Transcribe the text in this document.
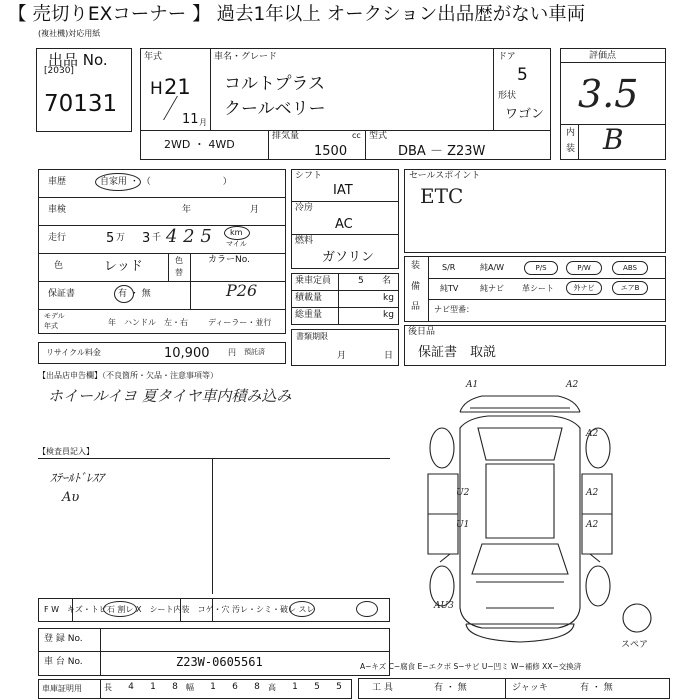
【 売切りEXコーナー 】 過去1年以上 オークション出品歴がない車両
(複社機)対応用紙
出品 No.
[2030]
70131
年式
H 21
11 月
車名・グレード
コルトプラス
クールベリー
ドア
5
形状
ワゴン
2WD ・ 4WD
排気量	cc
1500
型式
DBA － Z23W
評価点
3.5
内
装 B
車歴	自家用 ・ （　　　　　　　　）
車検	年	月
走行	5 万 3 千 4 2 5 km
マイル
色	レッド	色
替
カラーNo.
P26
保証書	有 ・ 無
モデル
年式	年 ハンドル　左・右	ディーラー・並行
シフト
IAT
冷房
AC
燃料
ガソリン
乗車定員	5 名
積載量	kg
総重量	kg
セールスポイント
ETC
装
備
品
S/R	純A/W	P/S	P/W	ABS
純TV	純ナビ 革シート	外ナビ	エアB
ナビ型番：
リサイクル料金	10,900 円 預託済
書類期限
月	日
後日品
保証書　取説
【出品店申告欄】（不良箇所・欠品・注意事項等）
ホイールイヨ 夏タイヤ車内積み込み
【検査員記入】
ｽﾃｰﾙﾄﾞﾚｽｱ
Aυ
A1	A2
A2
U2	A2
U1	A2
AU3
スペア
F W　キズ・トビ石 割レ X　シート内装　コゲ・穴 汚レ・シミ・破レ スレ
登 録 No.
車 台 No.	Z23W-0605561
車庫証明用	長	4	1	8	幅	1	6	8	高	1	5	5
A−キズ C−腐食 E−エクボ S−サビ U−凹ミ W−補修 XX−交換済
工 具	有 ・ 無	ジャッキ	有 ・ 無
